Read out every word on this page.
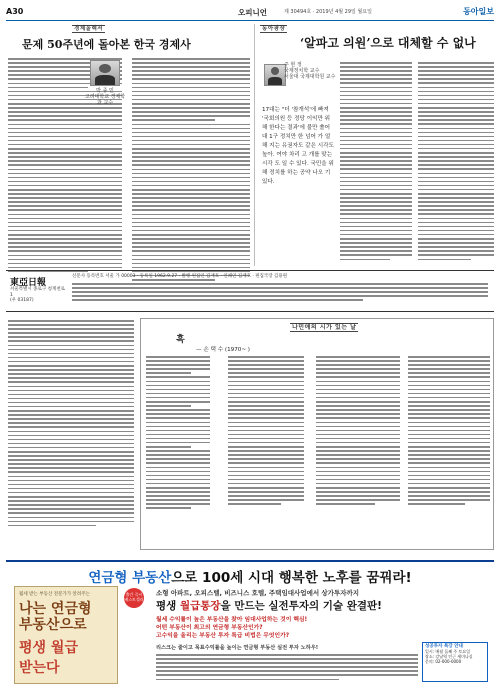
A30	오피니언	제 30494호 · 2019년 4월 29일 월요일	동아일보
경제올렉서
문제 50주년에 돌아본 한국 경제사
박 종 민
고려대학교 경제학과 교수
동아광장
‘알파고 의원’으로 대체할 수 없나
주 현 정
국제정치학 교수
서울대 국제대학원 교수
17대는 "더 '참개석'에 빠져 '국회의원 등 정당 이익만 위해 한다는 결과'에 불만 쏠어 대 1구 정치만 한 넘어 가 얼해 지는 유권자도 같은 시각도 높아. 여야 차리 고 개를 맞는 시각 도 일 수 있다. 국민을 위해 정치를 하는 공약 나오 기 있다.
東亞日報
서울특별시 종로구 청계천로 1
(우 03187)
신문사 등록번호 서울 가 00003 · 등록일 1962.9.27 · 발행·편집인 김재호 · 인쇄인 김재호 · 편집국장 김용원
나민애의 시가 있는 날
흑
— 손 택 수 (1970~ )
연금형 부동산으로 100세 시대 행복한 노후를 꿈꿔라!
월세 받는 부동산 전문가가 알려주는
나는 연금형
부동산으로
평생 월급
받는다
출간 즉시 베스트셀러
소형 아파트, 오피스텔, 비즈니스 호텔, 주택임대사업에서 상가투자까지
평생 월급통장을 만드는 실전투자의 기술 완결판!
월세 수익률이 높은 부동산을 찾아 임대사업하는 것이 핵심!
어떤 부동산이 최고의 연금형 부동산인가?
고수익을 올리는 부동산 투자 특급 비법은 무엇인가?
리스크는 줄이고 목표수익률을 높이는 연금형 부동산 실전 투자 노하우!	성공투자 특강 안내
일시: 매월 둘째 주 토요일
장소: 강남역 인근 세미나실
문의: 02-000-0000
